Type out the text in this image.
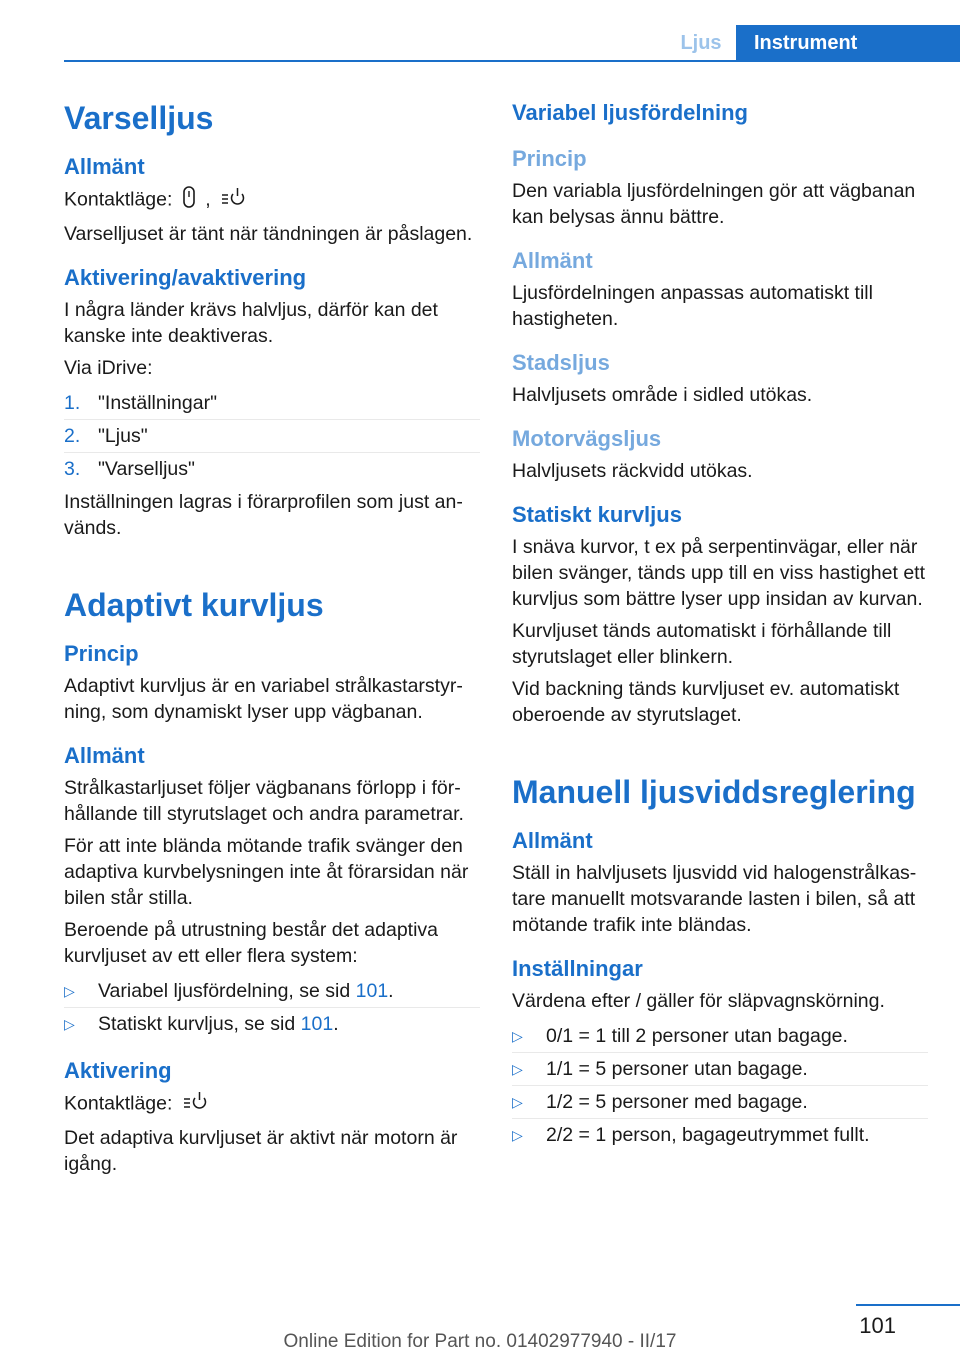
Ljus	Instrument
Varselljus
Allmänt
Kontaktläge: ,
Varselljuset är tänt när tändningen är påslagen.
Aktivering/avaktivering
I några länder krävs halvljus, därför kan det kanske inte deaktiveras.
Via iDrive:
1. "Inställningar"
2. "Ljus"
3. "Varselljus"
Inställningen lagras i förarprofilen som just an- vänds.
Adaptivt kurvljus
Princip
Adaptivt kurvljus är en variabel strålkastarstyr- ning, som dynamiskt lyser upp vägbanan.
Allmänt
Strålkastarljuset följer vägbanans förlopp i för- hållande till styrutslaget och andra parametrar.
För att inte blända mötande trafik svänger den adaptiva kurvbelysningen inte åt förarsidan när bilen står stilla.
Beroende på utrustning består det adaptiva kurvljuset av ett eller flera system:
▷	Variabel ljusfördelning, se sid 101.
▷	Statiskt kurvljus, se sid 101.
Aktivering
Kontaktläge:
Det adaptiva kurvljuset är aktivt när motorn är igång.
Variabel ljusfördelning
Princip
Den variabla ljusfördelningen gör att vägbanan kan belysas ännu bättre.
Allmänt
Ljusfördelningen anpassas automatiskt till hastigheten.
Stadsljus
Halvljusets område i sidled utökas.
Motorvägsljus
Halvljusets räckvidd utökas.
Statiskt kurvljus
I snäva kurvor, t ex på serpentinvägar, eller när bilen svänger, tänds upp till en viss hastighet ett kurvljus som bättre lyser upp insidan av kurvan.
Kurvljuset tänds automatiskt i förhållande till styrutslaget eller blinkern.
Vid backning tänds kurvljuset ev. automatiskt oberoende av styrutslaget.
Manuell ljusviddsreglering
Allmänt
Ställ in halvljusets ljusvidd vid halogenstrålkas- tare manuellt motsvarande lasten i bilen, så att mötande trafik inte bländas.
Inställningar
Värdena efter / gäller för släpvagnskörning.
▷	0/1 = 1 till 2 personer utan bagage.
▷	1/1 = 5 personer utan bagage.
▷	1/2 = 5 personer med bagage.
▷	2/2 = 1 person, bagageutrymmet fullt.
101
Online Edition for Part no. 01402977940 - II/17
